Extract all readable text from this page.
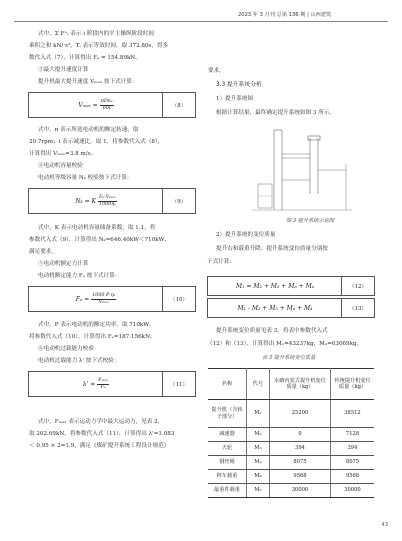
2023 年 3 月刊 总第 136 期 | 山西建筑
式中，Σ F⁺ᵢ 表示 i 阶段内的平主操纵阶段时间
乘积之和 kN/·s²，Tᵢ 表示等效时间，取 372.80s，得多
数代入式（7），计算得出 Fₚ = 154.89kN。
③最大提升速度计算
提升机最大提升速度 Vₘₐₓ 按下式计算：
$V_{max} = \frac{\text{πDnₑ}}{60i}$	（8）
式中，n 表示所选电动机的额定转速，取
20.7rpm；i 表示减速比，取 1，将参数代入式（8），
计算得出 Vₘₐₓ=3.8 m/s。
④电动机容量校验
电动机等级容量 Nₖ 校验按下式计算：
Nₖ = K $\frac{\text{Fₚ·Vₘₐₓ}}{\text{1000ηₛ}}$	（9）
式中，K 表示电动机容量储备系数，取 1.1。将
参数代入式（9），计算得出 Nₖ=646.40kW＜710kW，
满足要求。
⑤电动机额定力计算
电动机额定能力 Fₑ 按下式计算：
$F_e = \frac{\text{1000·P·ηₛ}}{\text{Vₘₐₓ}}$	（10）
式中，P 表示电动机的额定功率，取 710kW。
将参数代入式（10），计算得出 Fₑ=187.156kN。
⑥电动机过载能力校验
电动机过载能力 λ' 按下式校验：
$\lambda' = \frac{\text{Fₘₐₓ}}{\text{Fₑ}}$	（11）
式中，Fₘₐₓ 表示运动力学中最大运动力，见表 2，
取 202.69kN。将参数代入式（11），计算得出 λ'=1.083
＜ 0.95 × 2=1.9，满足《煤矿提升系统工程设计规范》
要求。
3.3 提升系统分析
1）提升系统图
根据计算结果，最终确定提升系统如图 3 所示。
图 3 提升系统示意图
2）提升系统的变位质量
提升右和载重升降、提升系统变位质量分别按
下式计算：
M₁ = M₂ + M₃ + Mₚ + Mₐ	（12）
M₁ - M₂ + M₃ + Mₚ + M₄	（13）
提升系统变位质量见表 3，将表中参数代入式
（12）和（13），计算得出 M₁=43237kg，M₂=63069kg。
表 3 提升系统变位质量
名称	代号	水碴内装式提升机变位质量（kg）	传统提升机变位质量（kg）
提升机（含转子部分）	M₁	25200	38512
减速器	M₂	0	7128
天轮	M₃	394	394
钢丝绳	Mₚ	8075	8075
秤车载重	M₄	9568	9568
最重件载重	M₅	30000	30000
43
